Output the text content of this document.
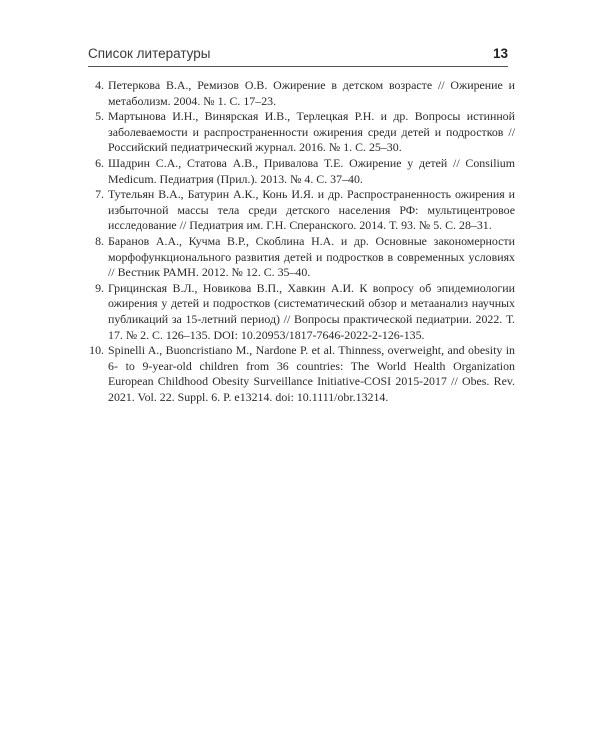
Список литературы	13
4. Петеркова В.А., Ремизов О.В. Ожирение в детском возрасте // Ожирение и метаболизм. 2004. № 1. С. 17–23.
5. Мартынова И.Н., Винярская И.В., Терлецкая Р.Н. и др. Вопросы истинной заболеваемости и распространенности ожирения среди детей и подростков // Российский педиатрический журнал. 2016. № 1. С. 25–30.
6. Шадрин С.А., Статова А.В., Привалова Т.Е. Ожирение у детей // Consilium Medicum. Педиатрия (Прил.). 2013. № 4. С. 37–40.
7. Тутельян В.А., Батурин А.К., Конь И.Я. и др. Распространенность ожирения и избыточной массы тела среди детского населения РФ: мультицентровое исследование // Педиатрия им. Г.Н. Сперанского. 2014. Т. 93. № 5. С. 28–31.
8. Баранов А.А., Кучма В.Р., Скоблина Н.А. и др. Основные закономерности морфофункционального развития детей и подростков в современных условиях // Вестник РАМН. 2012. № 12. С. 35–40.
9. Грицинская В.Л., Новикова В.П., Хавкин А.И. К вопросу об эпидемиологии ожирения у детей и подростков (систематический обзор и метаанализ научных публикаций за 15-летний период) // Вопросы практической педиатрии. 2022. Т. 17. № 2. С. 126–135. DOI: 10.20953/1817-7646-2022-2-126-135.
10. Spinelli A., Buoncristiano M., Nardone P. et al. Thinness, overweight, and obesity in 6- to 9-year-old children from 36 countries: The World Health Organization European Childhood Obesity Surveillance Initiative-COSI 2015-2017 // Obes. Rev. 2021. Vol. 22. Suppl. 6. P. e13214. doi: 10.1111/obr.13214.
